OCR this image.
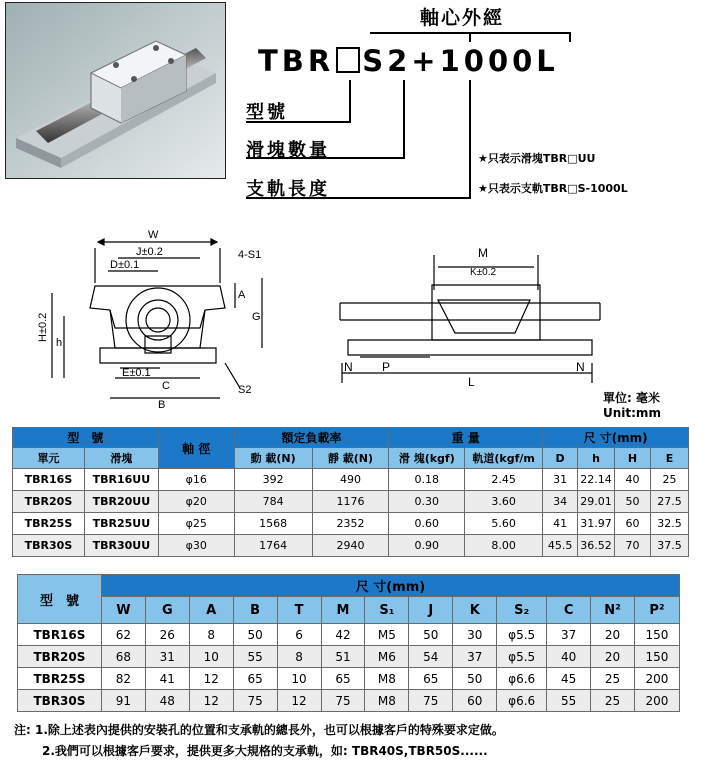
軸心外經
TBR S2+1000L
型號
滑塊數量
支軌長度
★只表示滑塊TBR□UU
★只表示支軌TBR□S-1000L
W
J±0.2
D±0.1
4-S1
G
A
H±0.2
h
E±0.1
C
B
S2
M
K±0.2
N P
L
N
單位: 毫米
Unit:mm
型　號		軸 徑	額定負載率		重 量		尺 寸(mm)			
單元	滑塊		動 載(N)	靜 載(N)	滑 塊(kgf)	軌道(kgf/m	D	h	H	E
TBR16S	TBR16UU	φ16	392	490	0.18	2.45	31	22.14	40	25
TBR20S	TBR20UU	φ20	784	1176	0.30	3.60	34	29.01	50	27.5
TBR25S	TBR25UU	φ25	1568	2352	0.60	5.60	41	31.97	60	32.5
TBR30S	TBR30UU	φ30	1764	2940	0.90	8.00	45.5	36.52	70	37.5
型　號	尺 寸(mm)												
	W	G	A	B	T	M	S₁	J	K	S₂	C	N²	P²
TBR16S	62	26	8	50	6	42	M5	50	30	φ5.5	37	20	150
TBR20S	68	31	10	55	8	51	M6	54	37	φ5.5	40	20	150
TBR25S	82	41	12	65	10	65	M8	65	50	φ6.6	45	25	200
TBR30S	91	48	12	75	12	75	M8	75	60	φ6.6	55	25	200
注: 1.除上述表內提供的安裝孔的位置和支承軌的總長外，也可以根據客戶的特殊要求定做。
2.我們可以根據客戶要求，提供更多大規格的支承軌，如: TBR40S,TBR50S......
